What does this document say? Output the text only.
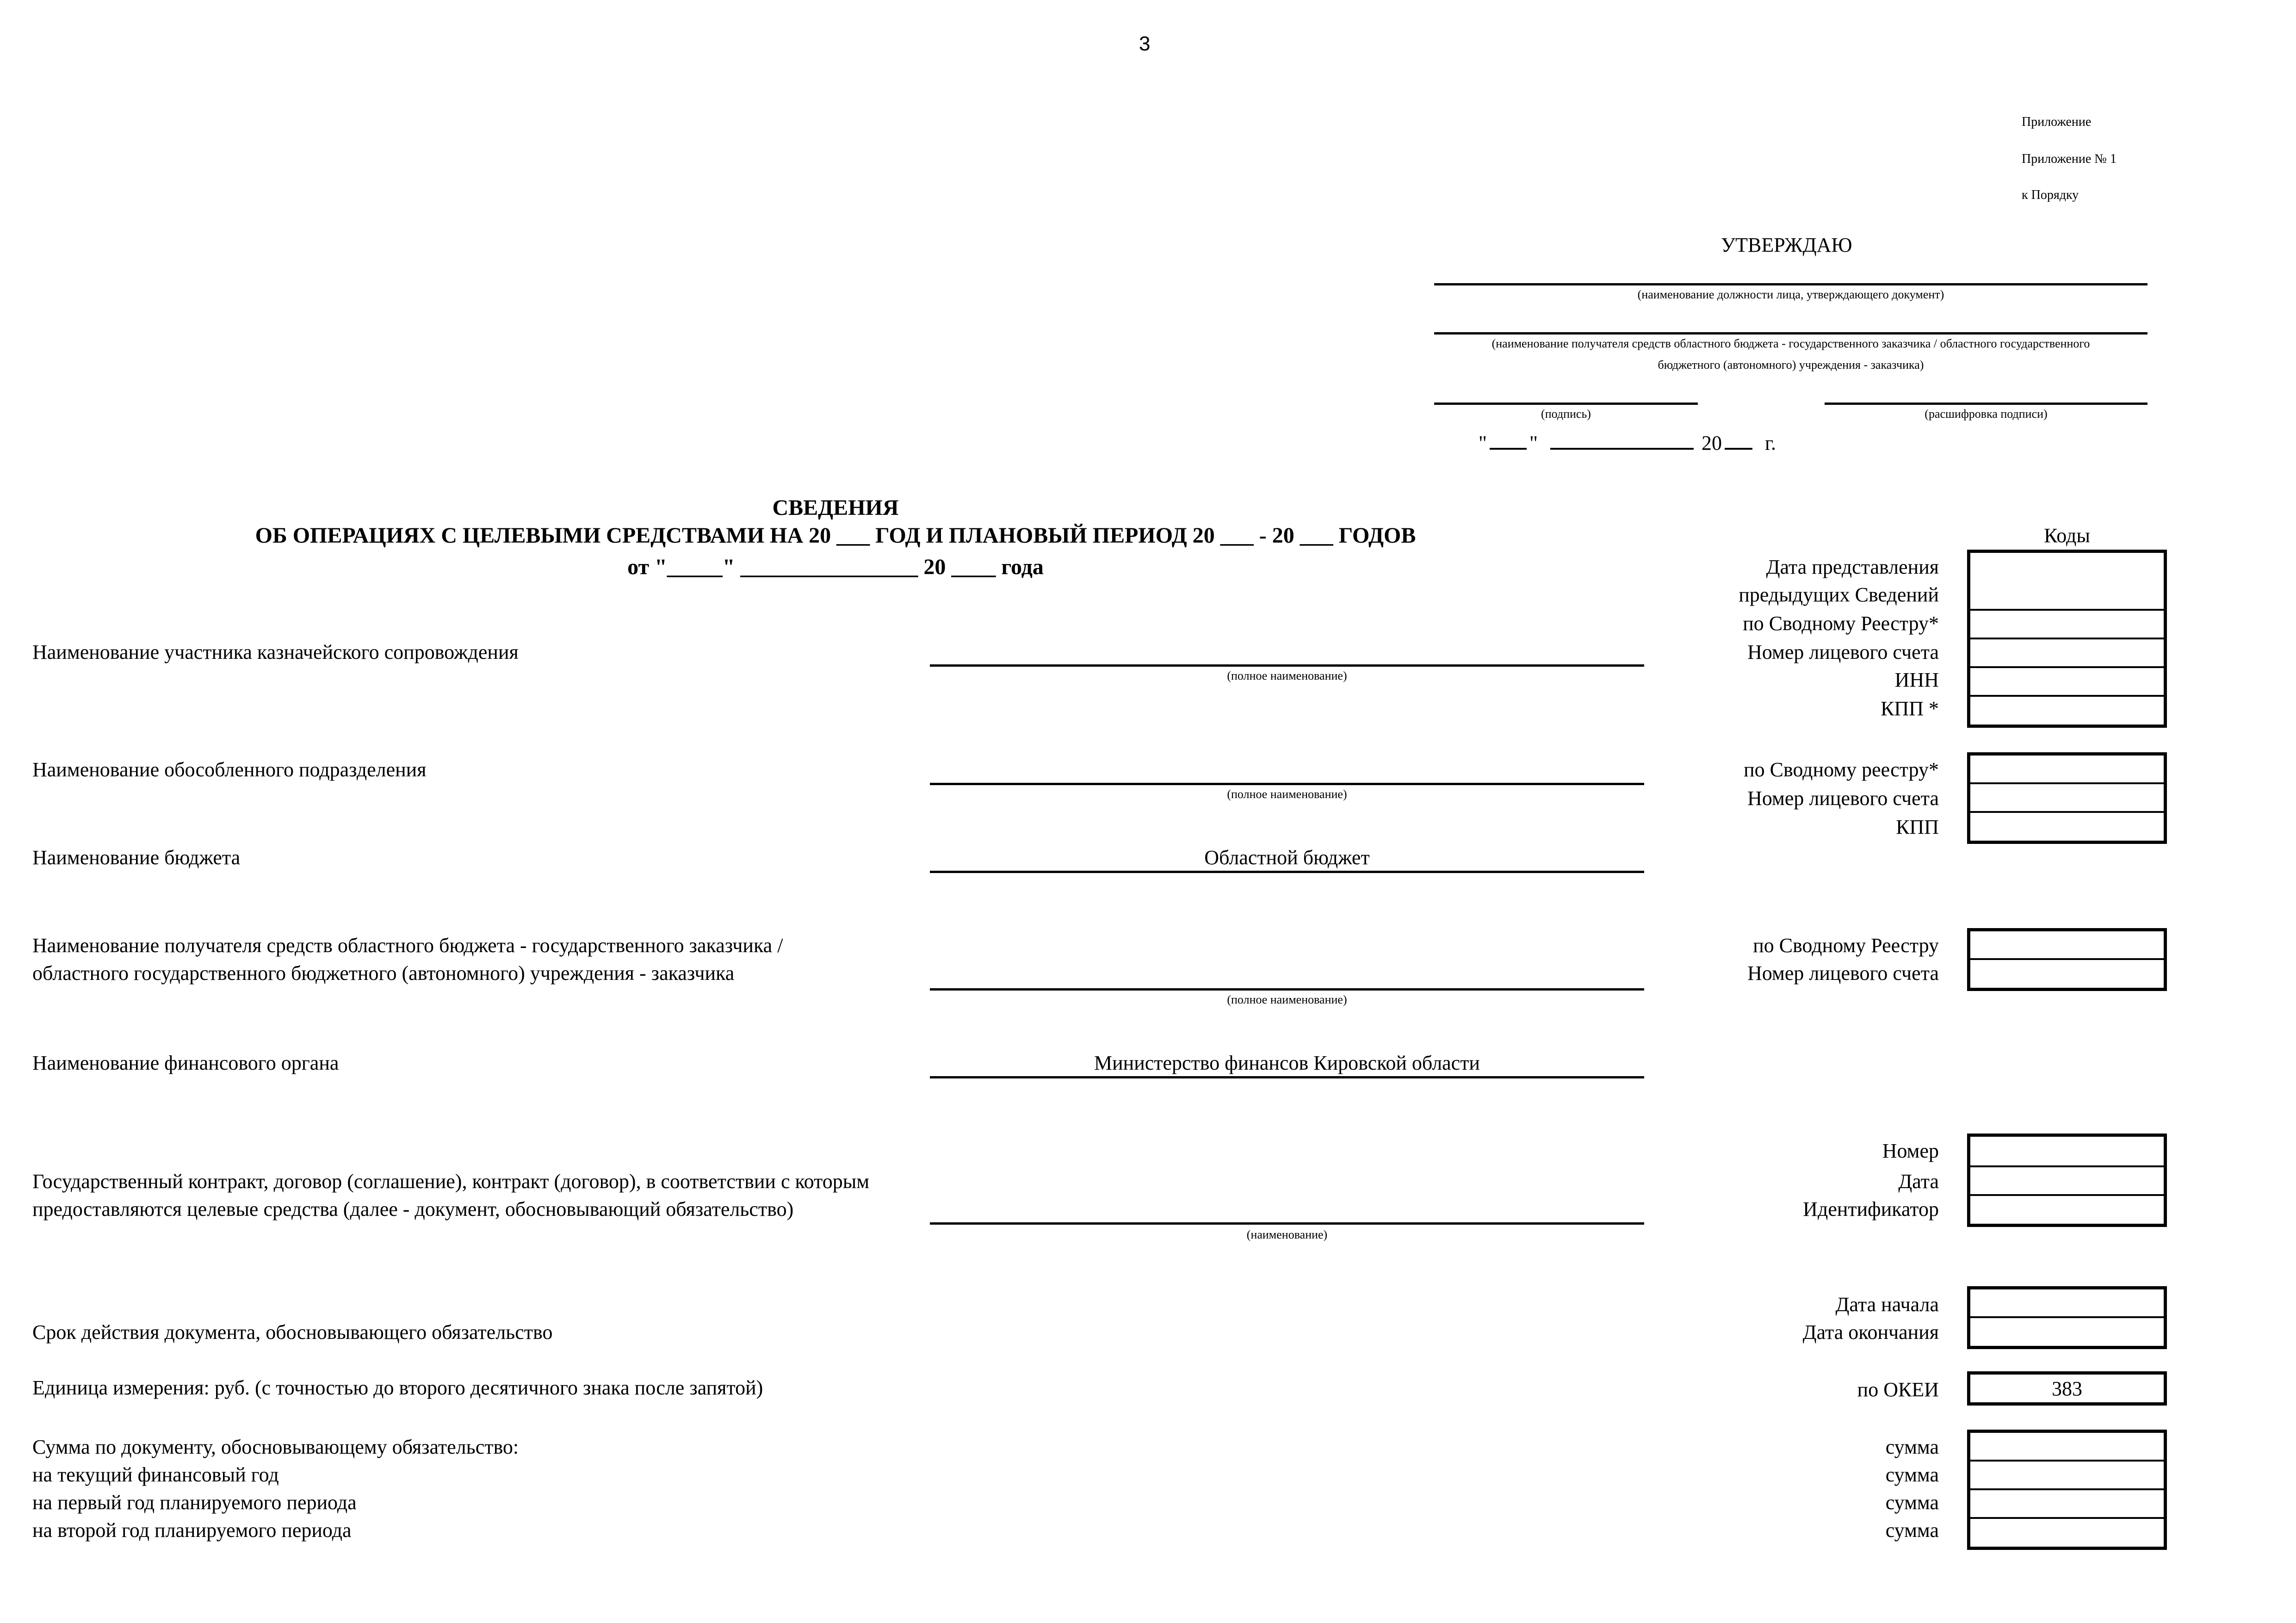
3
Приложение
Приложение № 1
к Порядку
УТВЕРЖДАЮ
(наименование должности лица, утверждающего документ)
(наименование получателя средств областного бюджета - государственного заказчика / областного государственного
бюджетного (автономного) учреждения - заказчика)
(подпись)	(расшифровка подписи)
" "	20 г.
СВЕДЕНИЯ
ОБ ОПЕРАЦИЯХ С ЦЕЛЕВЫМИ СРЕДСТВАМИ НА 20 ___ ГОД И ПЛАНОВЫЙ ПЕРИОД 20 ___ - 20 ___ ГОДОВ
от "_____" ________________ 20 ____ года
Коды
Наименование участника казначейского сопровождения
Наименование обособленного подразделения
Наименование бюджета
Наименование получателя средств областного бюджета - государственного заказчика /
областного государственного бюджетного (автономного) учреждения - заказчика
Наименование финансового органа
Государственный контракт, договор (соглашение), контракт (договор), в соответствии с которым
предоставляются целевые средства (далее - документ, обосновывающий обязательство)
Срок действия документа, обосновывающего обязательство
Единица измерения: руб. (с точностью до второго десятичного знака после запятой)
Сумма по документу, обосновывающему обязательство:
на текущий финансовый год
на первый год планируемого периода
на второй год планируемого периода
(полное наименование)
(полное наименование)
Областной бюджет
(полное наименование)
Министерство финансов Кировской области
(наименование)
Дата представления
предыдущих Сведений
по Сводному Реестру*
Номер лицевого счета
ИНН
КПП *
по Сводному реестру*
Номер лицевого счета
КПП
по Сводному Реестру
Номер лицевого счета
Номер
Дата
Идентификатор
Дата начала
Дата окончания
по ОКЕИ
сумма
сумма
сумма
сумма
383
